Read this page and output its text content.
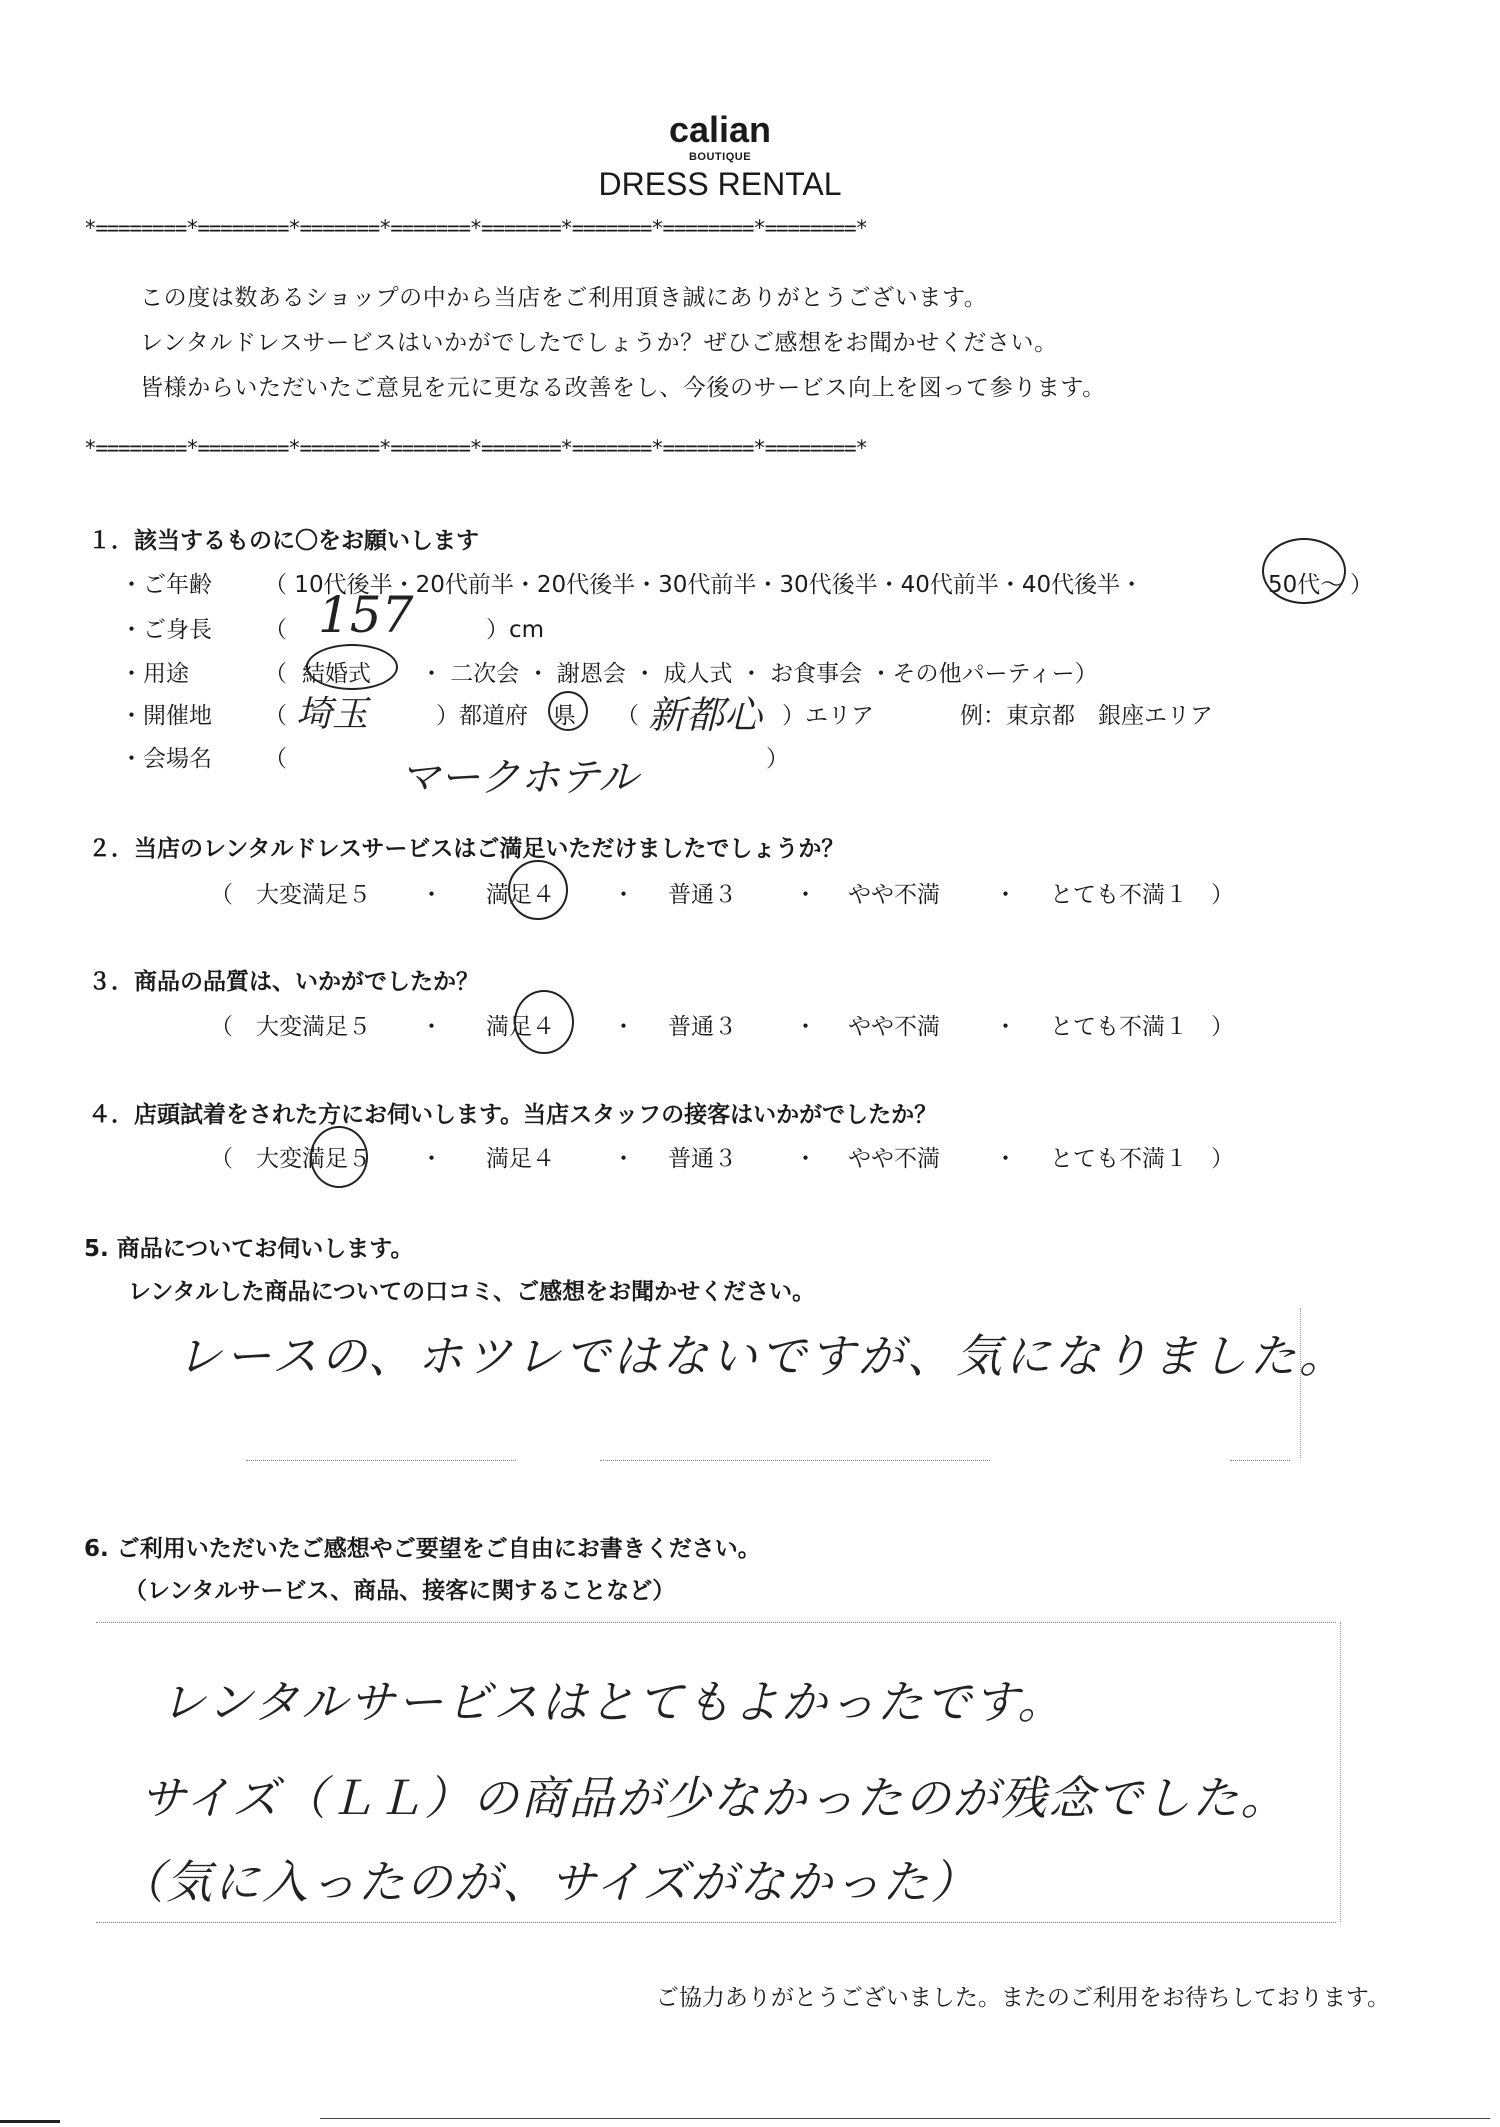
calian
BOUTIQUE
DRESS RENTAL
*========*========*=======*=======*=======*=======*========*========*
この度は数あるショップの中から当店をご利用頂き誠にありがとうございます。
レンタルドレスサービスはいかがでしたでしょうか？ぜひご感想をお聞かせください。
皆様からいただいたご意見を元に更なる改善をし、今後のサービス向上を図って参ります。
*========*========*=======*=======*=======*=======*========*========*
１．該当するものに〇をお願いします
・ご年齢 （ 10代後半・20代前半・20代後半・30代前半・30代後半・40代前半・40代後半・	50代〜 ）
・ご身長 （ 157	）cm
・用途	（ 結婚式 ・ 二次会 ・ 謝恩会 ・ 成人式 ・ お食事会 ・その他パーティー）
・開催地 （ 埼玉	）都道府 県 （ 新都心 ）エリア	例：東京都　銀座エリア
・会場名 （	マークホテル	）
２．当店のレンタルドレスサービスはご満足いただけましたでしょうか？
（　大変満足５ ・ 満足４ ・ 普通３ ・ やや不満 ・ とても不満１　）
３．商品の品質は、いかがでしたか？
（　大変満足５ ・ 満足４ ・ 普通３ ・ やや不満 ・ とても不満１　）
４．店頭試着をされた方にお伺いします。当店スタッフの接客はいかがでしたか？
（　大変満足５ ・ 満足４ ・ 普通３ ・ やや不満 ・ とても不満１　）
5. 商品についてお伺いします。
レンタルした商品についての口コミ、ご感想をお聞かせください。
レースの、ホツレではないですが、気になりました。
6. ご利用いただいたご感想やご要望をご自由にお書きください。
（レンタルサービス、商品、接客に関することなど）
レンタルサービスはとてもよかったです。
サイズ（ＬＬ）の商品が少なかったのが残念でした。
（気に入ったのが、サイズがなかった）
ご協力ありがとうございました。またのご利用をお待ちしております。
